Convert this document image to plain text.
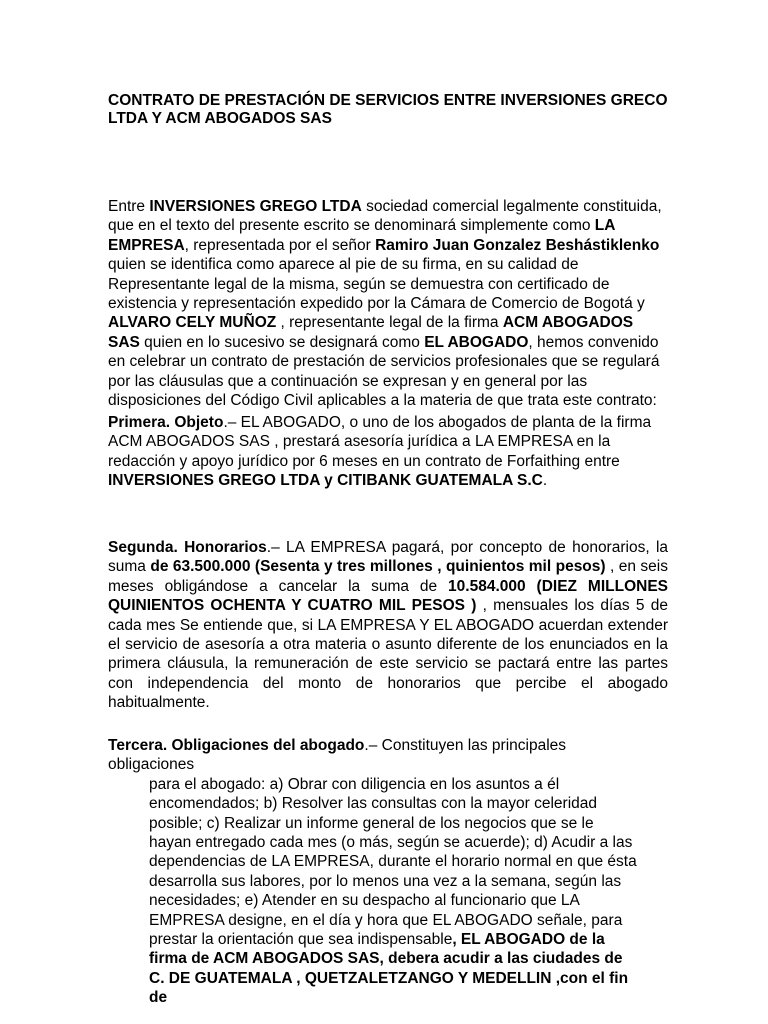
CONTRATO DE PRESTACIÓN DE SERVICIOS ENTRE INVERSIONES GRECO LTDA Y ACM ABOGADOS SAS

Entre INVERSIONES GREGO LTDA sociedad comercial legalmente constituida, que en el texto del presente escrito se denominará simplemente como LA EMPRESA, representada por el señor Ramiro Juan Gonzalez Beshástiklenko quien se identifica como aparece al pie de su firma, en su calidad de Representante legal de la misma, según se demuestra con certificado de existencia y representación expedido por la Cámara de Comercio de Bogotá y ALVARO CELY MUÑOZ , representante legal de la firma ACM ABOGADOS SAS quien en lo sucesivo se designará como EL ABOGADO, hemos convenido en celebrar un contrato de prestación de servicios profesionales que se regulará por las cláusulas que a continuación se expresan y en general por las disposiciones del Código Civil aplicables a la materia de que trata este contrato:

Primera. Objeto.– EL ABOGADO, o uno de los abogados de planta de la firma ACM ABOGADOS SAS , prestará asesoría jurídica a LA EMPRESA en la redacción y apoyo jurídico por 6 meses en un contrato de Forfaithing entre INVERSIONES GREGO LTDA y CITIBANK GUATEMALA S.C.

Segunda. Honorarios.– LA EMPRESA pagará, por concepto de honorarios, la suma de 63.500.000 (Sesenta y tres millones , quinientos mil pesos) , en seis meses obligándose a cancelar la suma de 10.584.000 (DIEZ MILLONES QUINIENTOS OCHENTA Y CUATRO MIL PESOS ) , mensuales los días 5 de cada mes Se entiende que, si LA EMPRESA Y EL ABOGADO acuerdan extender el servicio de asesoría a otra materia o asunto diferente de los enunciados en la primera cláusula, la remuneración de este servicio se pactará entre las partes con independencia del monto de honorarios que percibe el abogado habitualmente.

Tercera. Obligaciones del abogado.– Constituyen las principales obligaciones
para el abogado: a) Obrar con diligencia en los asuntos a él encomendados; b) Resolver las consultas con la mayor celeridad posible; c) Realizar un informe general de los negocios que se le hayan entregado cada mes (o más, según se acuerde); d) Acudir a las dependencias de LA EMPRESA, durante el horario normal en que ésta desarrolla sus labores, por lo menos una vez a la semana, según las necesidades; e) Atender en su despacho al funcionario que LA EMPRESA designe, en el día y hora que EL ABOGADO señale, para prestar la orientación que sea indispensable, EL ABOGADO de la firma de ACM ABOGADOS SAS, debera acudir a las ciudades de C. DE GUATEMALA , QUETZALETZANGO Y MEDELLIN ,con el fin de
